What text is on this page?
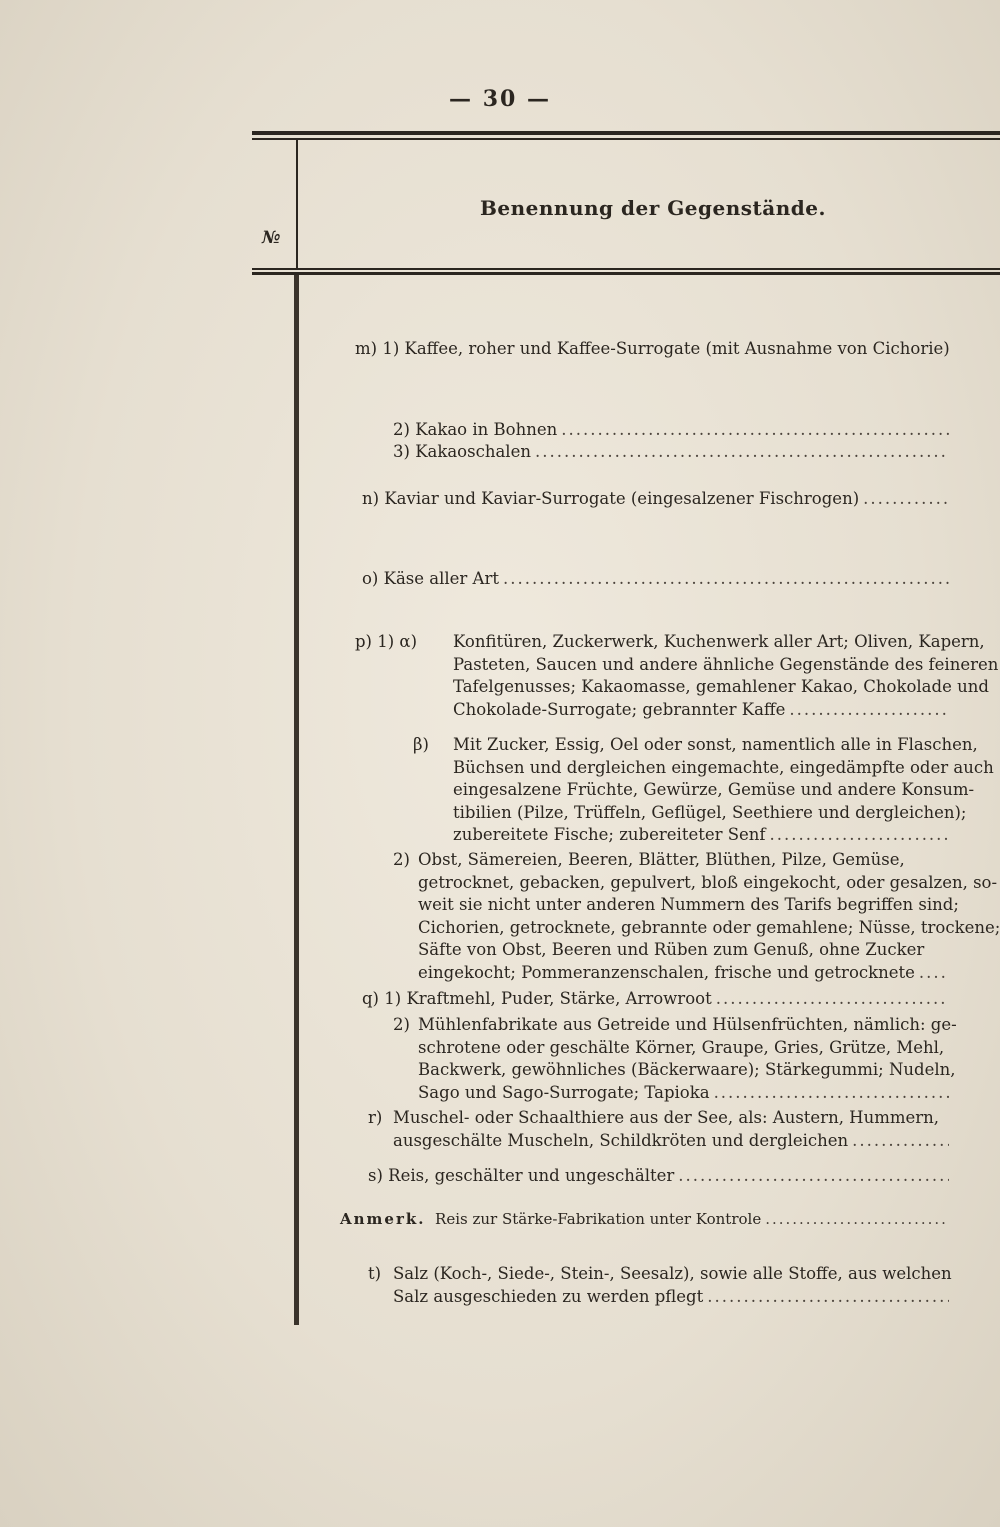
— 30 —
№
Benennung der Gegenstände.
m) 1) Kaffee, roher und Kaffee-Surrogate (mit Ausnahme von Cichorie)
2) Kakao in Bohnen
.....
3) Kakaoschalen
.....
n) Kaviar und Kaviar-Surrogate (eingesalzener Fischrogen)
.....
o) Käse aller Art
.....
p) 1) α) Konfitüren, Zuckerwerk, Kuchenwerk aller Art; Oliven, Kapern,
Pasteten, Saucen und andere ähnliche Gegenstände des feineren
Tafelgenusses; Kakaomasse, gemahlener Kakao, Chokolade und
Chokolade-Surrogate; gebrannter Kaffe
.....
β) Mit Zucker, Essig, Oel oder sonst, namentlich alle in Flaschen,
Büchsen und dergleichen eingemachte, eingedämpfte oder auch
eingesalzene Früchte, Gewürze, Gemüse und andere Konsum-
tibilien (Pilze, Trüffeln, Geflügel, Seethiere und dergleichen);
zubereitete Fische; zubereiteter Senf
.....
2) Obst, Sämereien, Beeren, Blätter, Blüthen, Pilze, Gemüse,
getrocknet, gebacken, gepulvert, bloß eingekocht, oder gesalzen, so-
weit sie nicht unter anderen Nummern des Tarifs begriffen sind;
Cichorien, getrocknete, gebrannte oder gemahlene; Nüsse, trockene;
Säfte von Obst, Beeren und Rüben zum Genuß, ohne Zucker
eingekocht; Pommeranzenschalen, frische und getrocknete
.....
q) 1) Kraftmehl, Puder, Stärke, Arrowroot
.....
2) Mühlenfabrikate aus Getreide und Hülsenfrüchten, nämlich: ge-
schrotene oder geschälte Körner, Graupe, Gries, Grütze, Mehl,
Backwerk, gewöhnliches (Bäckerwaare); Stärkegummi; Nudeln,
Sago und Sago-Surrogate; Tapioka
.....
r) Muschel- oder Schaalthiere aus der See, als: Austern, Hummern,
ausgeschälte Muscheln, Schildkröten und dergleichen
.....
s) Reis, geschälter und ungeschälter
.....
Anmerk. Reis zur Stärke-Fabrikation unter Kontrole
.....
t) Salz (Koch-, Siede-, Stein-, Seesalz), sowie alle Stoffe, aus welchen
Salz ausgeschieden zu werden pflegt
.....
